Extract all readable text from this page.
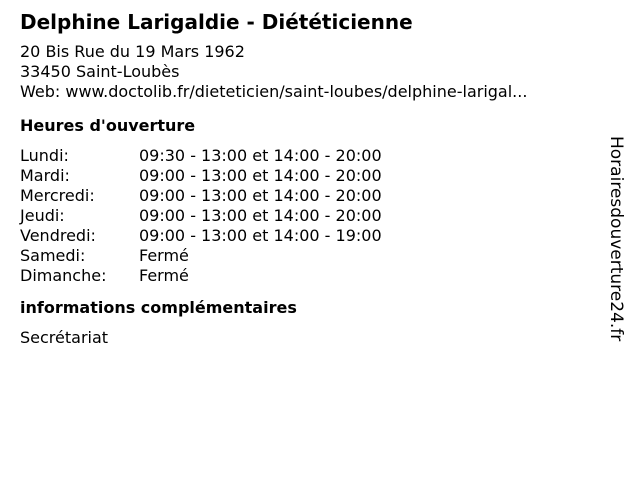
Delphine Larigaldie - Diététicienne
20 Bis Rue du 19 Mars 1962
33450 Saint-Loubès
Web: www.doctolib.fr/dieteticien/saint-loubes/delphine-larigal...
Heures d'ouverture
Lundi:	09:30 - 13:00 et 14:00 - 20:00
Mardi:	09:00 - 13:00 et 14:00 - 20:00
Mercredi:	09:00 - 13:00 et 14:00 - 20:00
Jeudi:	09:00 - 13:00 et 14:00 - 20:00
Vendredi:	09:00 - 13:00 et 14:00 - 19:00
Samedi:	Fermé
Dimanche:	Fermé
informations complémentaires
Secrétariat	Horairesdouverture24.fr
